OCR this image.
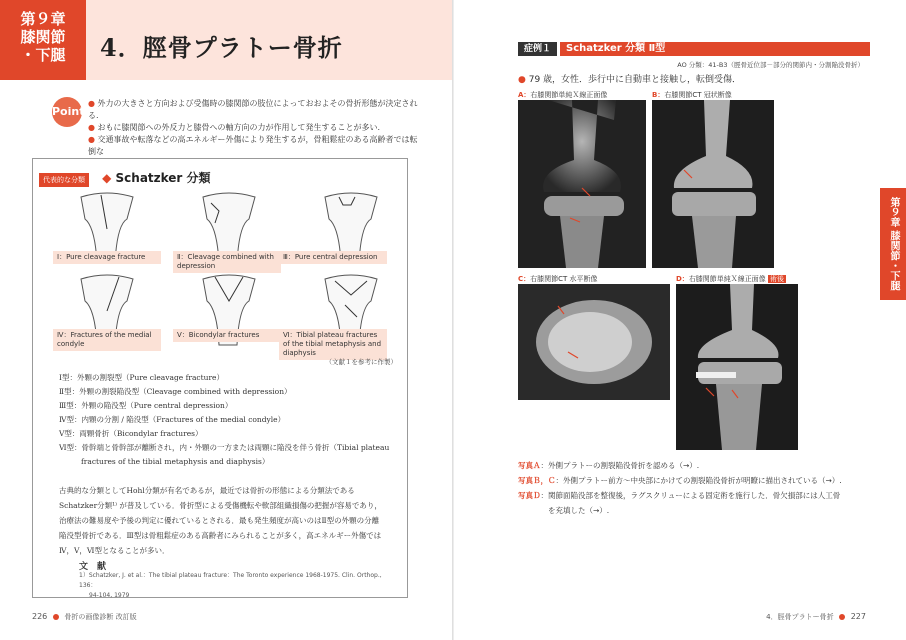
第９章
膝関節
・下腿	4．脛骨プラトー骨折
Point
● 外力の大きさと方向および受傷時の膝関節の肢位によっておおよその骨折形態が決定される.
● おもに膝関節への外反力と膝骨への軸方向の力が作用して発生することが多い.
● 交通事故や転落などの高エネルギー外傷により発生するが，骨粗鬆症のある高齢者では転倒な
代表的な分類 ◆ Schatzker 分類
Ⅰ：Pure cleavage fracture	Ⅱ：Cleavage combined with depression
Ⅲ：Pure central depression
Ⅳ：Fractures of the medial condyle
Ⅴ：Bicondylar fractures	Ⅵ：Tibial plateau fractures of the tibial metaphysis and diaphysis
（文献１を参考に作製）
Ⅰ型：外顆の割裂型（Pure cleavage fracture）
Ⅱ型：外顆の割裂陥没型（Cleavage combined with depression）
Ⅲ型：外顆の陥没型（Pure central depression）
Ⅳ型：内顆の分割 / 陥没型（Fractures of the medial condyle）
Ⅴ型：両顆骨折（Bicondylar fractures）
Ⅵ型：骨幹端と骨幹部が離断され，内・外顆の一方または両顆に陥没を伴う骨折（Tibial plateau
fractures of the tibial metaphysis and diaphysis）
古典的な分類としてHohl分類が有名であるが，最近では骨折の形態による分類法である
Schatzker分類¹⁾ が普及している．骨折型による受傷機転や軟部組織損傷の把握が容易であり，
治療法の難易度や予後の判定に優れているとされる．最も発生頻度が高いのはⅡ型の外顆の分離
陥没型骨折である．Ⅲ型は骨粗鬆症のある高齢者にみられることが多く，高エネルギー外傷では
Ⅳ，Ⅴ，Ⅵ型となることが多い．
文　献
1）Schatzker, J. et al.：The tibial plateau fracture：The Toronto experience 1968-1975. Clin. Orthop., 136：
94-104, 1979
226 骨折の画像診断 改訂版
症例１	Schatzker 分類 Ⅱ型
AO 分類：41-B3（脛骨近位部－部分的関節内・分割陥没骨折）
● 79 歳，女性．歩行中に自動車と接触し，転倒受傷．
A：右膝関節単純Ｘ線正面像	B：右膝関節CT 冠状断像
C：右膝関節CT 水平断像	D：右膝関節単純Ｘ線正面像 術後
写真Ａ：外側プラトーの割裂陥没骨折を認める（→）.
写真Ｂ，Ｃ：外側プラトー前方～中央部にかけての割裂陥没骨折が明瞭に描出されている（→）.
写真Ｄ：関節面陥没部を整復後，ラグスクリューによる固定術を施行した．骨欠損部には人工骨
を充填した（→）.
第９章 膝関節・下腿
4．脛骨プラトー骨折 227
